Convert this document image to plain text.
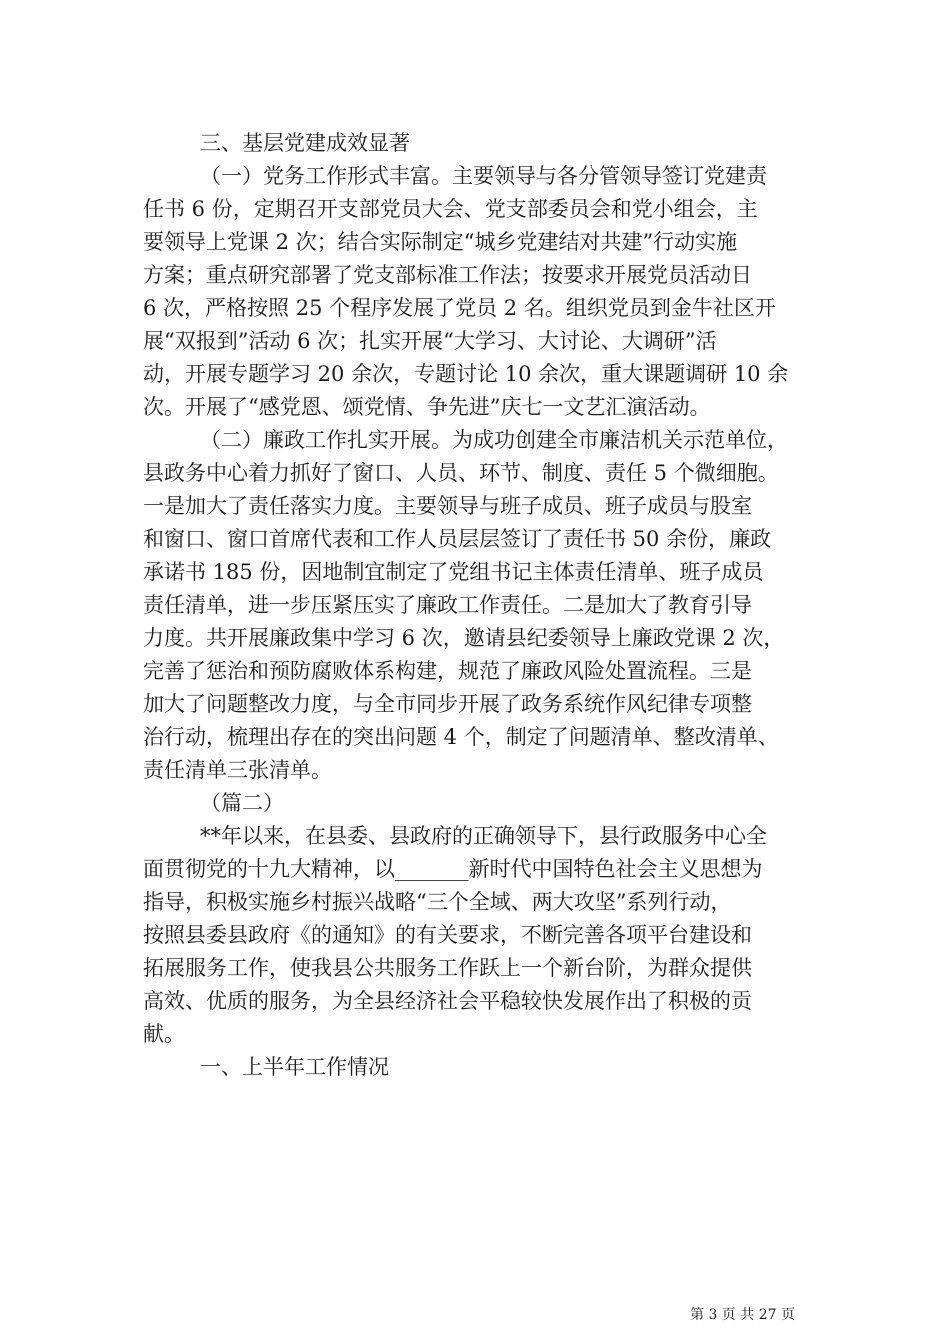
三、基层党建成效显著
（一）党务工作形式丰富。主要领导与各分管领导签订党建责
任书 6 份，定期召开支部党员大会、党支部委员会和党小组会，主
要领导上党课 2 次；结合实际制定“城乡党建结对共建”行动实施
方案；重点研究部署了党支部标准工作法；按要求开展党员活动日
6 次，严格按照 25 个程序发展了党员 2 名。组织党员到金牛社区开
展“双报到”活动 6 次；扎实开展“大学习、大讨论、大调研”活
动，开展专题学习 20 余次，专题讨论 10 余次，重大课题调研 10 余
次。开展了“感党恩、颂党情、争先进”庆七一文艺汇演活动。
（二）廉政工作扎实开展。为成功创建全市廉洁机关示范单位，
县政务中心着力抓好了窗口、人员、环节、制度、责任 5 个微细胞。
一是加大了责任落实力度。主要领导与班子成员、班子成员与股室
和窗口、窗口首席代表和工作人员层层签订了责任书 50 余份，廉政
承诺书 185 份，因地制宜制定了党组书记主体责任清单、班子成员
责任清单，进一步压紧压实了廉政工作责任。二是加大了教育引导
力度。共开展廉政集中学习 6 次，邀请县纪委领导上廉政党课 2 次，
完善了惩治和预防腐败体系构建，规范了廉政风险处置流程。三是
加大了问题整改力度，与全市同步开展了政务系统作风纪律专项整
治行动，梳理出存在的突出问题 4 个，制定了问题清单、整改清单、
责任清单三张清单。
（篇二）
**年以来，在县委、县政府的正确领导下，县行政服务中心全
面贯彻党的十九大精神，以_______新时代中国特色社会主义思想为
指导，积极实施乡村振兴战略“三个全域、两大攻坚”系列行动，
按照县委县政府《的通知》的有关要求，不断完善各项平台建设和
拓展服务工作，使我县公共服务工作跃上一个新台阶，为群众提供
高效、优质的服务，为全县经济社会平稳较快发展作出了积极的贡
献。
一、上半年工作情况
第 3 页 共 27 页
